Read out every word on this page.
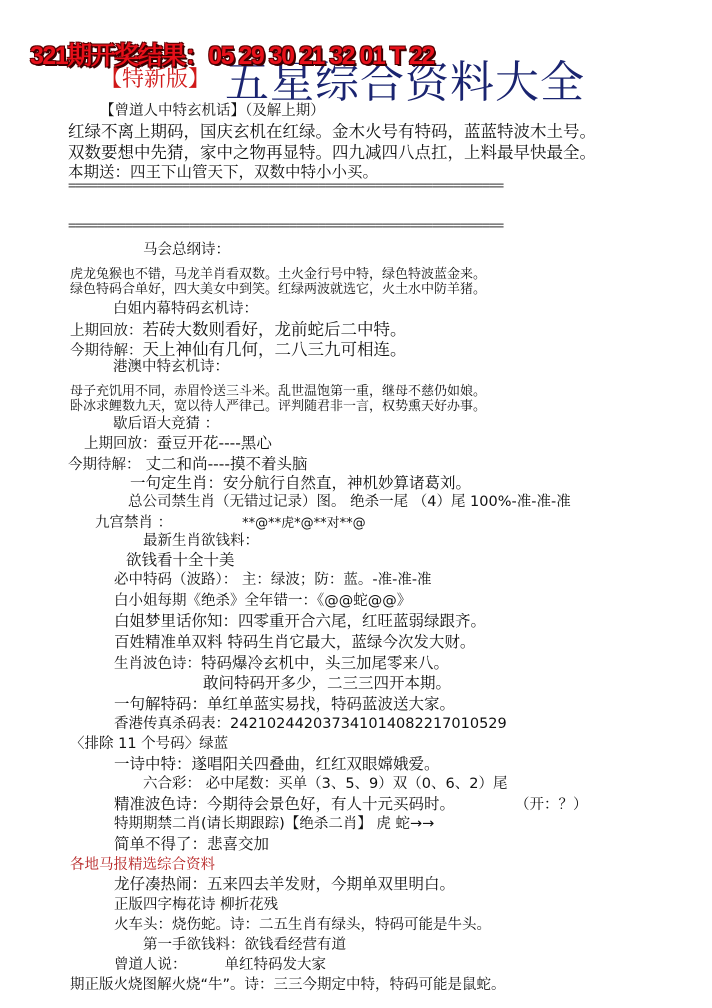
321期开奖结果：05 29 30 21 32 01 T 22
【特新版】 五星综合资料大全
【曾道人中特玄机话】（及解上期）
红绿不离上期码，国庆玄机在红绿。金木火号有特码，蓝蓝特波木土号。
双数要想中先猜，家中之物再显特。四九减四八点扛，上料最早快最全。
本期送：四王下山管天下，双数中特小小买。
=============================================================
=============================================================
马会总纲诗：
虎龙兔猴也不错，马龙羊肖看双数。土火金行号中特，绿色特波蓝金来。
绿色特码合单好，四大美女中到笑。红绿两波就选它，火土水中防羊猪。
白姐内幕特码玄机诗：
上期回放：若砖大数则看好，龙前蛇后二中特。
今期待解：天上神仙有几何，二八三九可相连。
港澳中特玄机诗：
母子充饥用不同，赤眉怜送三斗米。乱世温饱第一重，继母不慈仍如娘。
卧冰求鲤数九天，宽以待人严律己。评判随君非一言，权势熏天好办事。
歇后语大竞猜 ：
上期回放：蚕豆开花----黑心
今期待解： 丈二和尚----摸不着头脑
一句定生肖：安分航行自然直，神机妙算诸葛刘。
总公司禁生肖（无错过记录）图。 绝杀一尾 （4）尾 100%-准-准-准
九宫禁肖 ：	**@**虎*@**对**@
最新生肖欲钱料：
欲钱看十全十美
必中特码（波路）： 主：绿波；防：蓝。-准-准-准
白小姐每期《绝杀》全年错一：《@@蛇@@》
白姐梦里话你知：四零重开合六尾，红旺蓝弱绿跟齐。
百姓精准单双料 特码生肖它最大，蓝绿今次发大财。
生肖波色诗：特码爆冷玄机中，头三加尾零来八。
敢问特码开多少，二三三四开本期。
一句解特码：单红单蓝实易找，特码蓝波送大家。
香港传真杀码表：242102442037341014082217010529
〈排除 11 个号码〉绿蓝
一诗中特：遂唱阳关四叠曲，红红双眼嫦娥爱。
六合彩： 必中尾数：买单（3、5、9）双（0、6、2）尾
精准波色诗：今期待会景色好，有人十元买码时。	（开：？）
特期期禁二肖(请长期跟踪)【绝杀二肖】 虎 蛇→→
简单不得了：悲喜交加
各地马报精选综合资料
龙仔凑热闹：五来四去羊发财，今期单双里明白。
正版四字梅花诗 柳折花残
火车头：烧伤蛇。诗：二五生肖有绿头，特码可能是牛头。
第一手欲钱料：欲钱看经营有道
曾道人说：	单红特码发大家
期正版火烧图解火烧“牛”。诗：三三今期定中特，特码可能是鼠蛇。
